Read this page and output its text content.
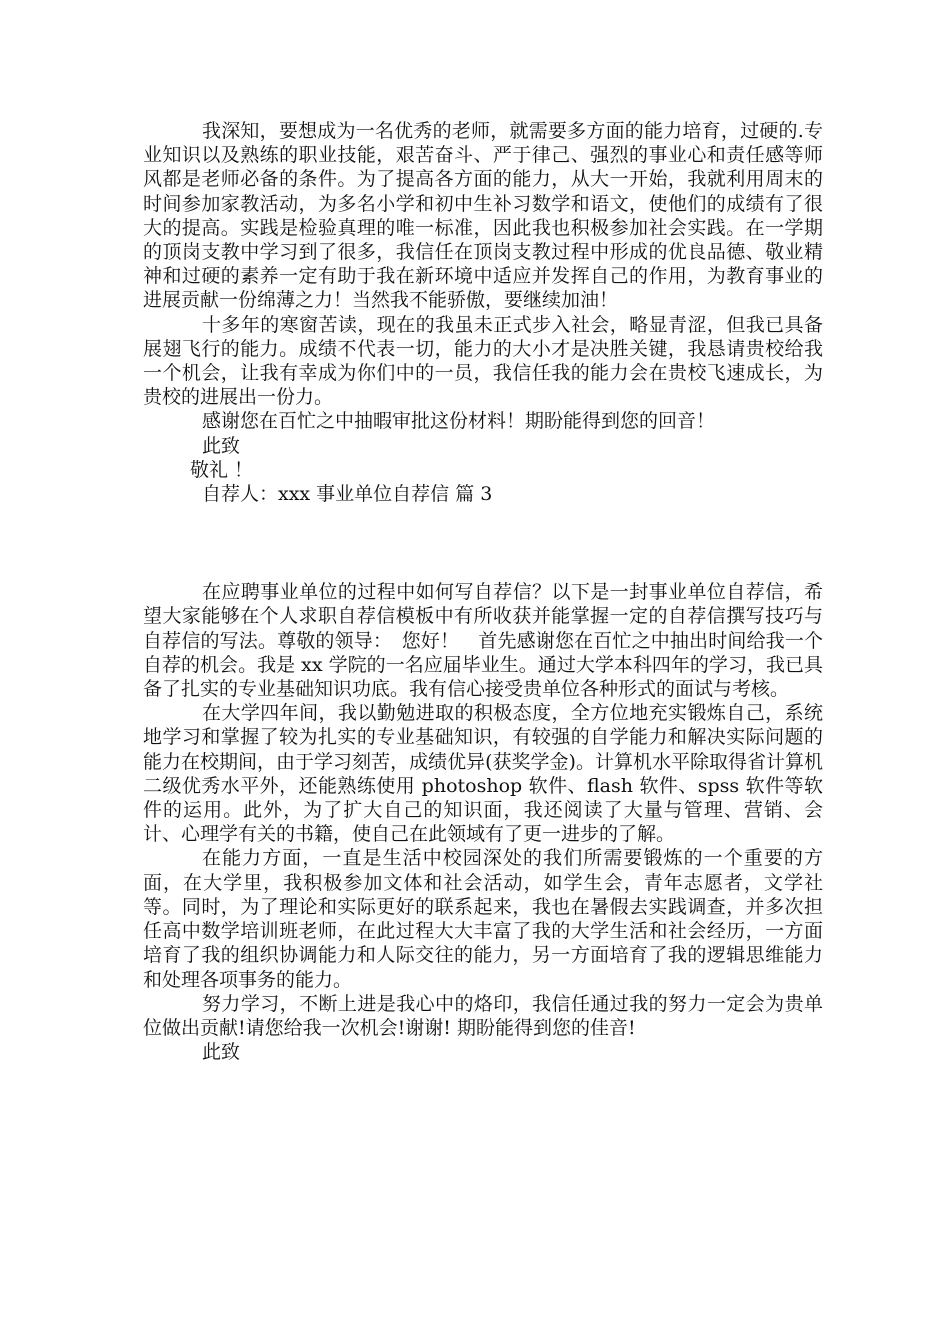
我深知，要想成为一名优秀的老师，就需要多方面的能力培育，过硬的.专业知识以及熟练的职业技能，艰苦奋斗、严于律己、强烈的事业心和责任感等师风都是老师必备的条件。为了提高各方面的能力，从大一开始，我就利用周末的时间参加家教活动，为多名小学和初中生补习数学和语文，使他们的成绩有了很大的提高。实践是检验真理的唯一标准，因此我也积极参加社会实践。在一学期的顶岗支教中学习到了很多，我信任在顶岗支教过程中形成的优良品德、敬业精神和过硬的素养一定有助于我在新环境中适应并发挥自己的作用，为教育事业的进展贡献一份绵薄之力！当然我不能骄傲，要继续加油！

十多年的寒窗苦读，现在的我虽未正式步入社会，略显青涩，但我已具备展翅飞行的能力。成绩不代表一切，能力的大小才是决胜关键，我恳请贵校给我一个机会，让我有幸成为你们中的一员，我信任我的能力会在贵校飞速成长，为贵校的进展出一份力。

感谢您在百忙之中抽暇审批这份材料！期盼能得到您的回音！

此致

敬礼 ！

自荐人：xxx 事业单位自荐信 篇 3

在应聘事业单位的过程中如何写自荐信？以下是一封事业单位自荐信，希望大家能够在个人求职自荐信模板中有所收获并能掌握一定的自荐信撰写技巧与自荐信的写法。尊敬的领导：　您好！　首先感谢您在百忙之中抽出时间给我一个自荐的机会。我是 xx 学院的一名应届毕业生。通过大学本科四年的学习，我已具备了扎实的专业基础知识功底。我有信心接受贵单位各种形式的面试与考核。

在大学四年间，我以勤勉进取的积极态度，全方位地充实锻炼自己，系统地学习和掌握了较为扎实的专业基础知识，有较强的自学能力和解决实际问题的能力在校期间，由于学习刻苦，成绩优异(获奖学金)。计算机水平除取得省计算机二级优秀水平外，还能熟练使用 photoshop 软件、flash 软件、spss 软件等软件的运用。此外，为了扩大自己的知识面，我还阅读了大量与管理、营销、会计、心理学有关的书籍，使自己在此领域有了更一进步的了解。

在能力方面，一直是生活中校园深处的我们所需要锻炼的一个重要的方面，在大学里，我积极参加文体和社会活动，如学生会，青年志愿者，文学社等。同时，为了理论和实际更好的联系起来，我也在暑假去实践调查，并多次担任高中数学培训班老师，在此过程大大丰富了我的大学生活和社会经历，一方面培育了我的组织协调能力和人际交往的能力，另一方面培育了我的逻辑思维能力和处理各项事务的能力。

努力学习，不断上进是我心中的烙印，我信任通过我的努力一定会为贵单位做出贡献!请您给我一次机会!谢谢! 期盼能得到您的佳音!

此致
